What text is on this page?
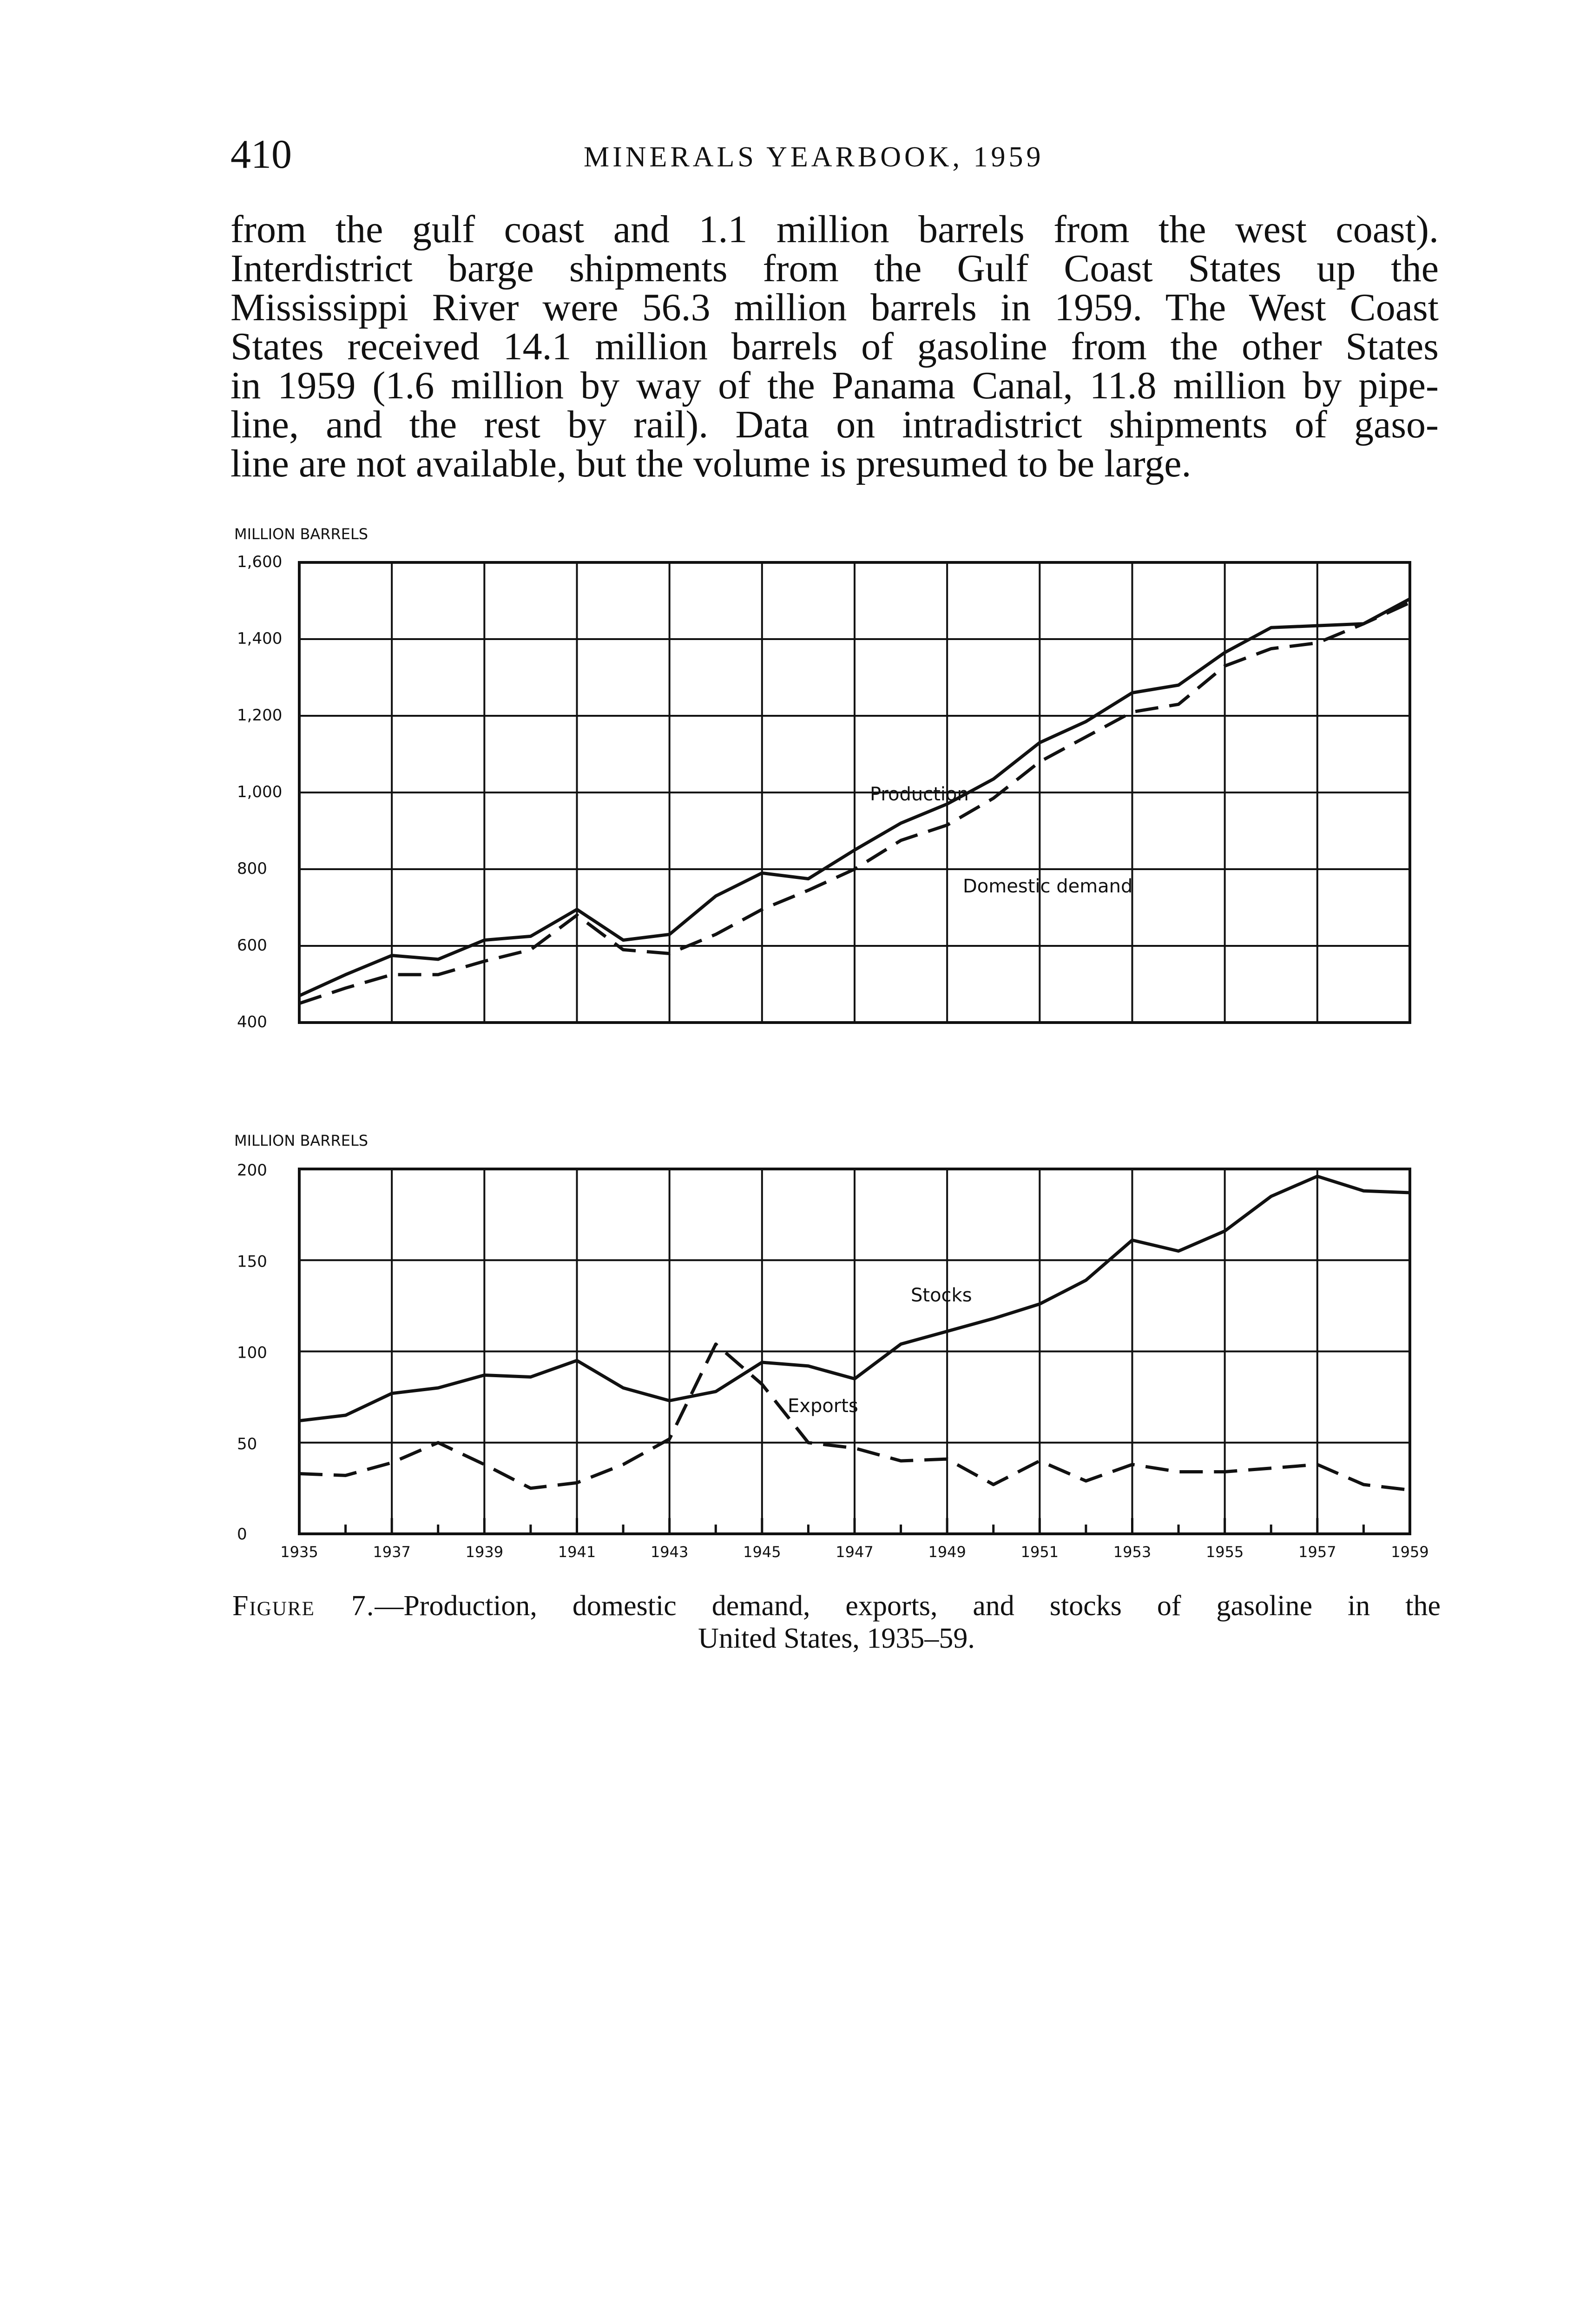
410	MINERALS YEARBOOK, 1959
from the gulf coast and 1.1 million barrels from the west coast).
Interdistrict barge shipments from the Gulf Coast States up the
Mississippi River were 56.3 million barrels in 1959. The West Coast
States received 14.1 million barrels of gasoline from the other States
in 1959 (1.6 million by way of the Panama Canal, 11.8 million by pipe-
line, and the rest by rail). Data on intradistrict shipments of gaso-
line are not available, but the volume is presumed to be large.
400
600
800
1,000
1,200
1,400
1,600
MILLION BARRELS
0
50
100
150
200
MILLION BARRELS
1935	1937	1939	1941	1943	1945	1947	1949	1951	1953	1955	1957	1959
Production
Domestic demand
Stocks
Exports
Figure 7.—Production, domestic demand, exports, and stocks of gasoline in the
United States, 1935–59.
